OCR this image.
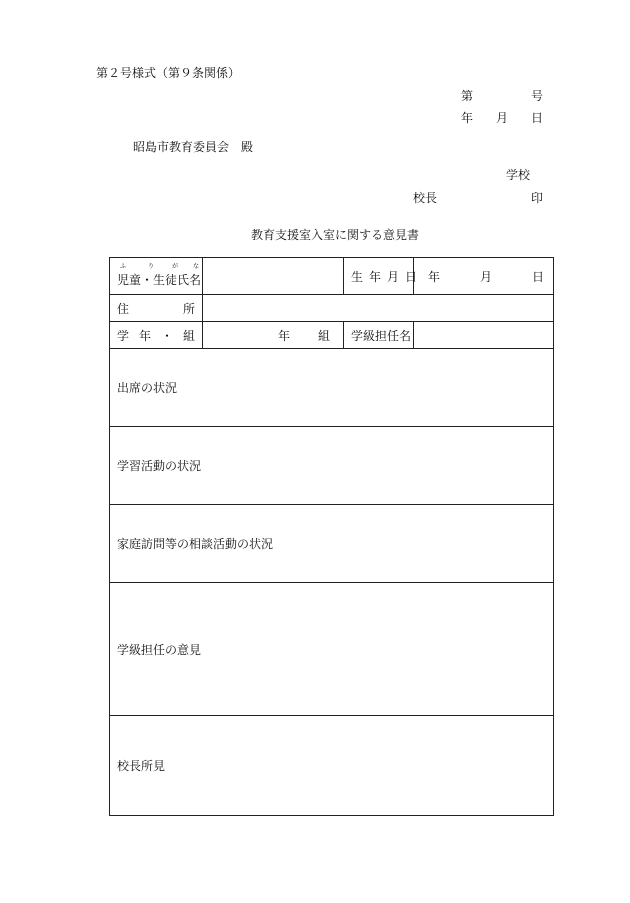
第２号様式（第９条関係）
第	号
年 月 日
昭島市教育委員会　殿
学校
校長	印
教育支援室入室に関する意見書
ふ り が な
児童・生徒氏名		生年月日	年 月 日

住 所			

学 年 ・ 組	年 組	学級担任名	
出席の状況			
学習活動の状況			
家庭訪問等の相談活動の状況			
学級担任の意見			
校長所見			
